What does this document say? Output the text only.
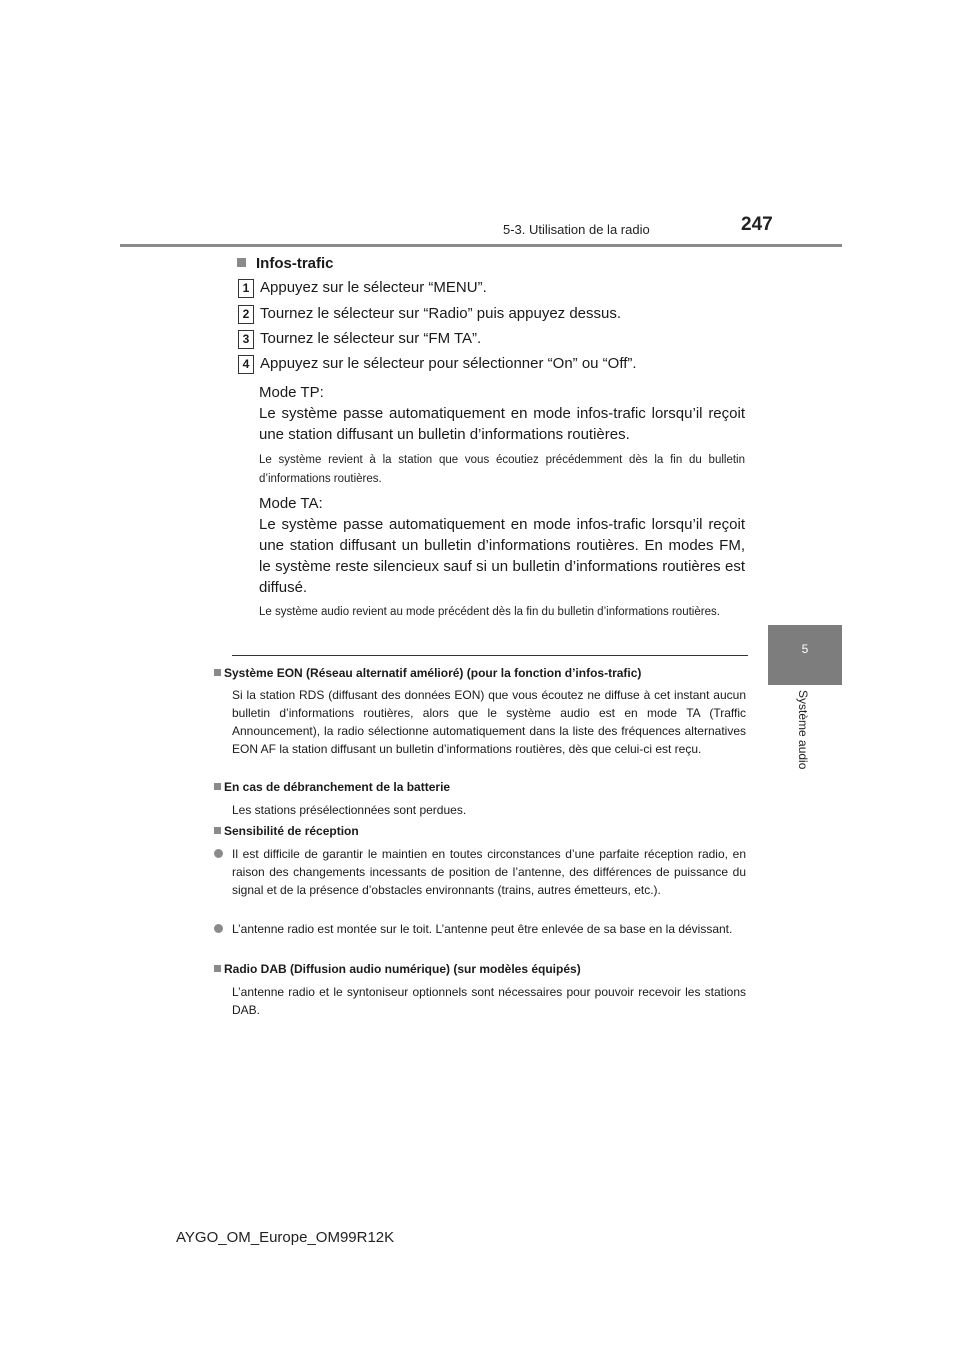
5-3. Utilisation de la radio	247
5
Système audio
Infos-trafic
1 Appuyez sur le sélecteur “MENU”.
2 Tournez le sélecteur sur “Radio” puis appuyez dessus.
3 Tournez le sélecteur sur “FM TA”.
4 Appuyez sur le sélecteur pour sélectionner “On” ou “Off”.
Mode TP:
Le système passe automatiquement en mode infos-trafic lorsqu’il reçoit une station diffusant un bulletin d’informations routières.
Le système revient à la station que vous écoutiez précédemment dès la fin du bulletin d’informations routières.
Mode TA:
Le système passe automatiquement en mode infos-trafic lorsqu’il reçoit une station diffusant un bulletin d’informations routières. En modes FM, le système reste silencieux sauf si un bulletin d’informations routières est diffusé.
Le système audio revient au mode précédent dès la fin du bulletin d’informations routières.
Système EON (Réseau alternatif amélioré) (pour la fonction d’infos-trafic)
Si la station RDS (diffusant des données EON) que vous écoutez ne diffuse à cet instant aucun bulletin d’informations routières, alors que le système audio est en mode TA (Traffic Announcement), la radio sélectionne automatiquement dans la liste des fréquences alternatives EON AF la station diffusant un bulletin d’informations routières, dès que celui-ci est reçu.
En cas de débranchement de la batterie
Les stations présélectionnées sont perdues.
Sensibilité de réception
Il est difficile de garantir le maintien en toutes circonstances d’une parfaite réception radio, en raison des changements incessants de position de l’antenne, des différences de puissance du signal et de la présence d’obstacles environnants (trains, autres émetteurs, etc.).
L’antenne radio est montée sur le toit. L’antenne peut être enlevée de sa base en la dévissant.
Radio DAB (Diffusion audio numérique) (sur modèles équipés)
L’antenne radio et le syntoniseur optionnels sont nécessaires pour pouvoir recevoir les stations DAB.
AYGO_OM_Europe_OM99R12K
